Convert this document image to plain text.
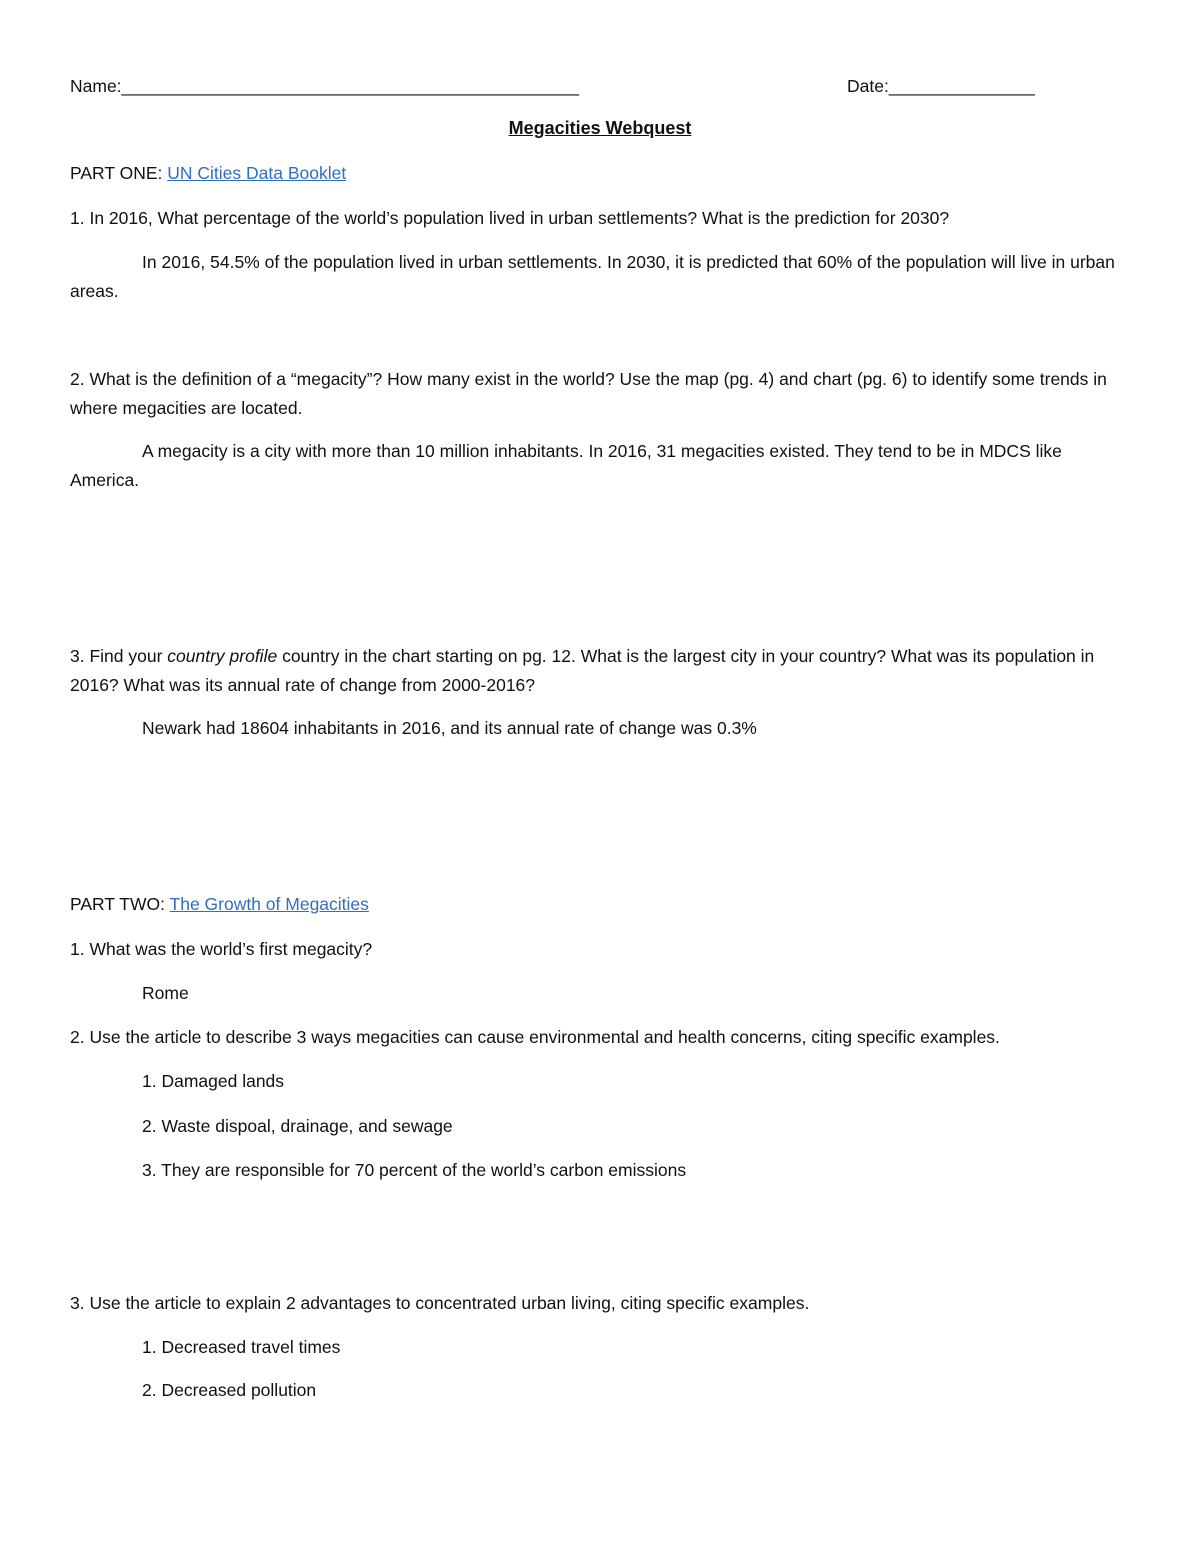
Name:_______________________________________________	Date:_______________
Megacities Webquest
PART ONE: UN Cities Data Booklet
1. In 2016, What percentage of the world’s population lived in urban settlements? What is the prediction for 2030?
In 2016, 54.5% of the population lived in urban settlements. In 2030, it is predicted that 60% of the population will live in urban areas.
2. What is the definition of a “megacity”? How many exist in the world? Use the map (pg. 4) and chart (pg. 6) to identify some trends in where megacities are located.
A megacity is a city with more than 10 million inhabitants. In 2016, 31 megacities existed. They tend to be in MDCS like America.
3. Find your country profile country in the chart starting on pg. 12. What is the largest city in your country? What was its population in 2016? What was its annual rate of change from 2000-2016?
Newark had 18604 inhabitants in 2016, and its annual rate of change was 0.3%
PART TWO: The Growth of Megacities
1. What was the world’s first megacity?
Rome
2. Use the article to describe 3 ways megacities can cause environmental and health concerns, citing specific examples.
1. Damaged lands
2. Waste dispoal, drainage, and sewage
3. They are responsible for 70 percent of the world’s carbon emissions
3. Use the article to explain 2 advantages to concentrated urban living, citing specific examples.
1. Decreased travel times
2. Decreased pollution
